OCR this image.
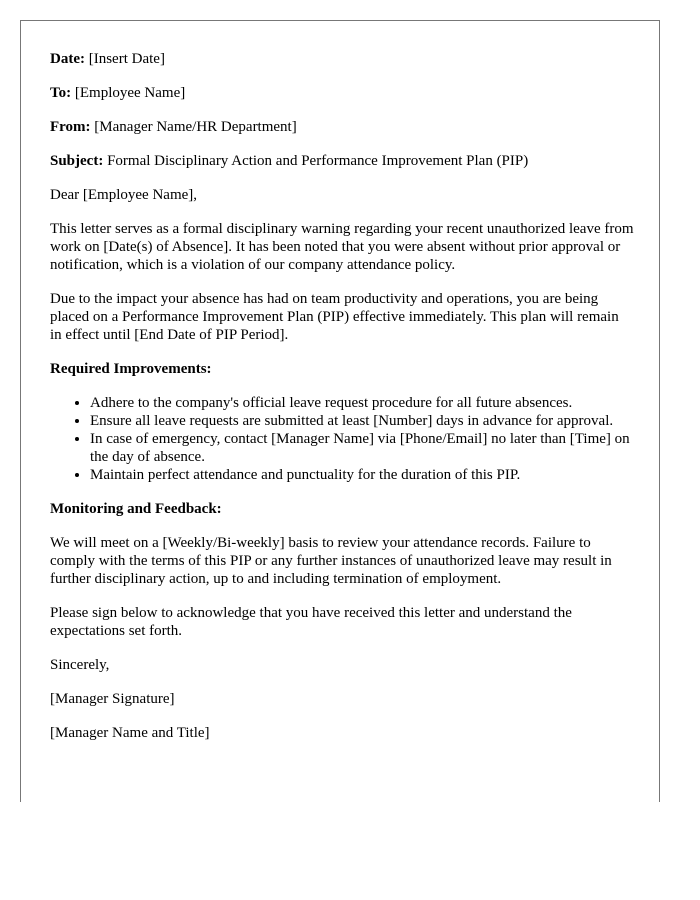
Date: [Insert Date]

To: [Employee Name]

From: [Manager Name/HR Department]

Subject: Formal Disciplinary Action and Performance Improvement Plan (PIP)

Dear [Employee Name],

This letter serves as a formal disciplinary warning regarding your recent unauthorized leave from work on [Date(s) of Absence]. It has been noted that you were absent without prior approval or notification, which is a violation of our company attendance policy.

Due to the impact your absence has had on team productivity and operations, you are being placed on a Performance Improvement Plan (PIP) effective immediately. This plan will remain in effect until [End Date of PIP Period].

Required Improvements:

• Adhere to the company's official leave request procedure for all future absences.
• Ensure all leave requests are submitted at least [Number] days in advance for approval.
• In case of emergency, contact [Manager Name] via [Phone/Email] no later than [Time] on the day of absence.
• Maintain perfect attendance and punctuality for the duration of this PIP.

Monitoring and Feedback:

We will meet on a [Weekly/Bi-weekly] basis to review your attendance records. Failure to comply with the terms of this PIP or any further instances of unauthorized leave may result in further disciplinary action, up to and including termination of employment.

Please sign below to acknowledge that you have received this letter and understand the expectations set forth.

Sincerely,

[Manager Signature]

[Manager Name and Title]
